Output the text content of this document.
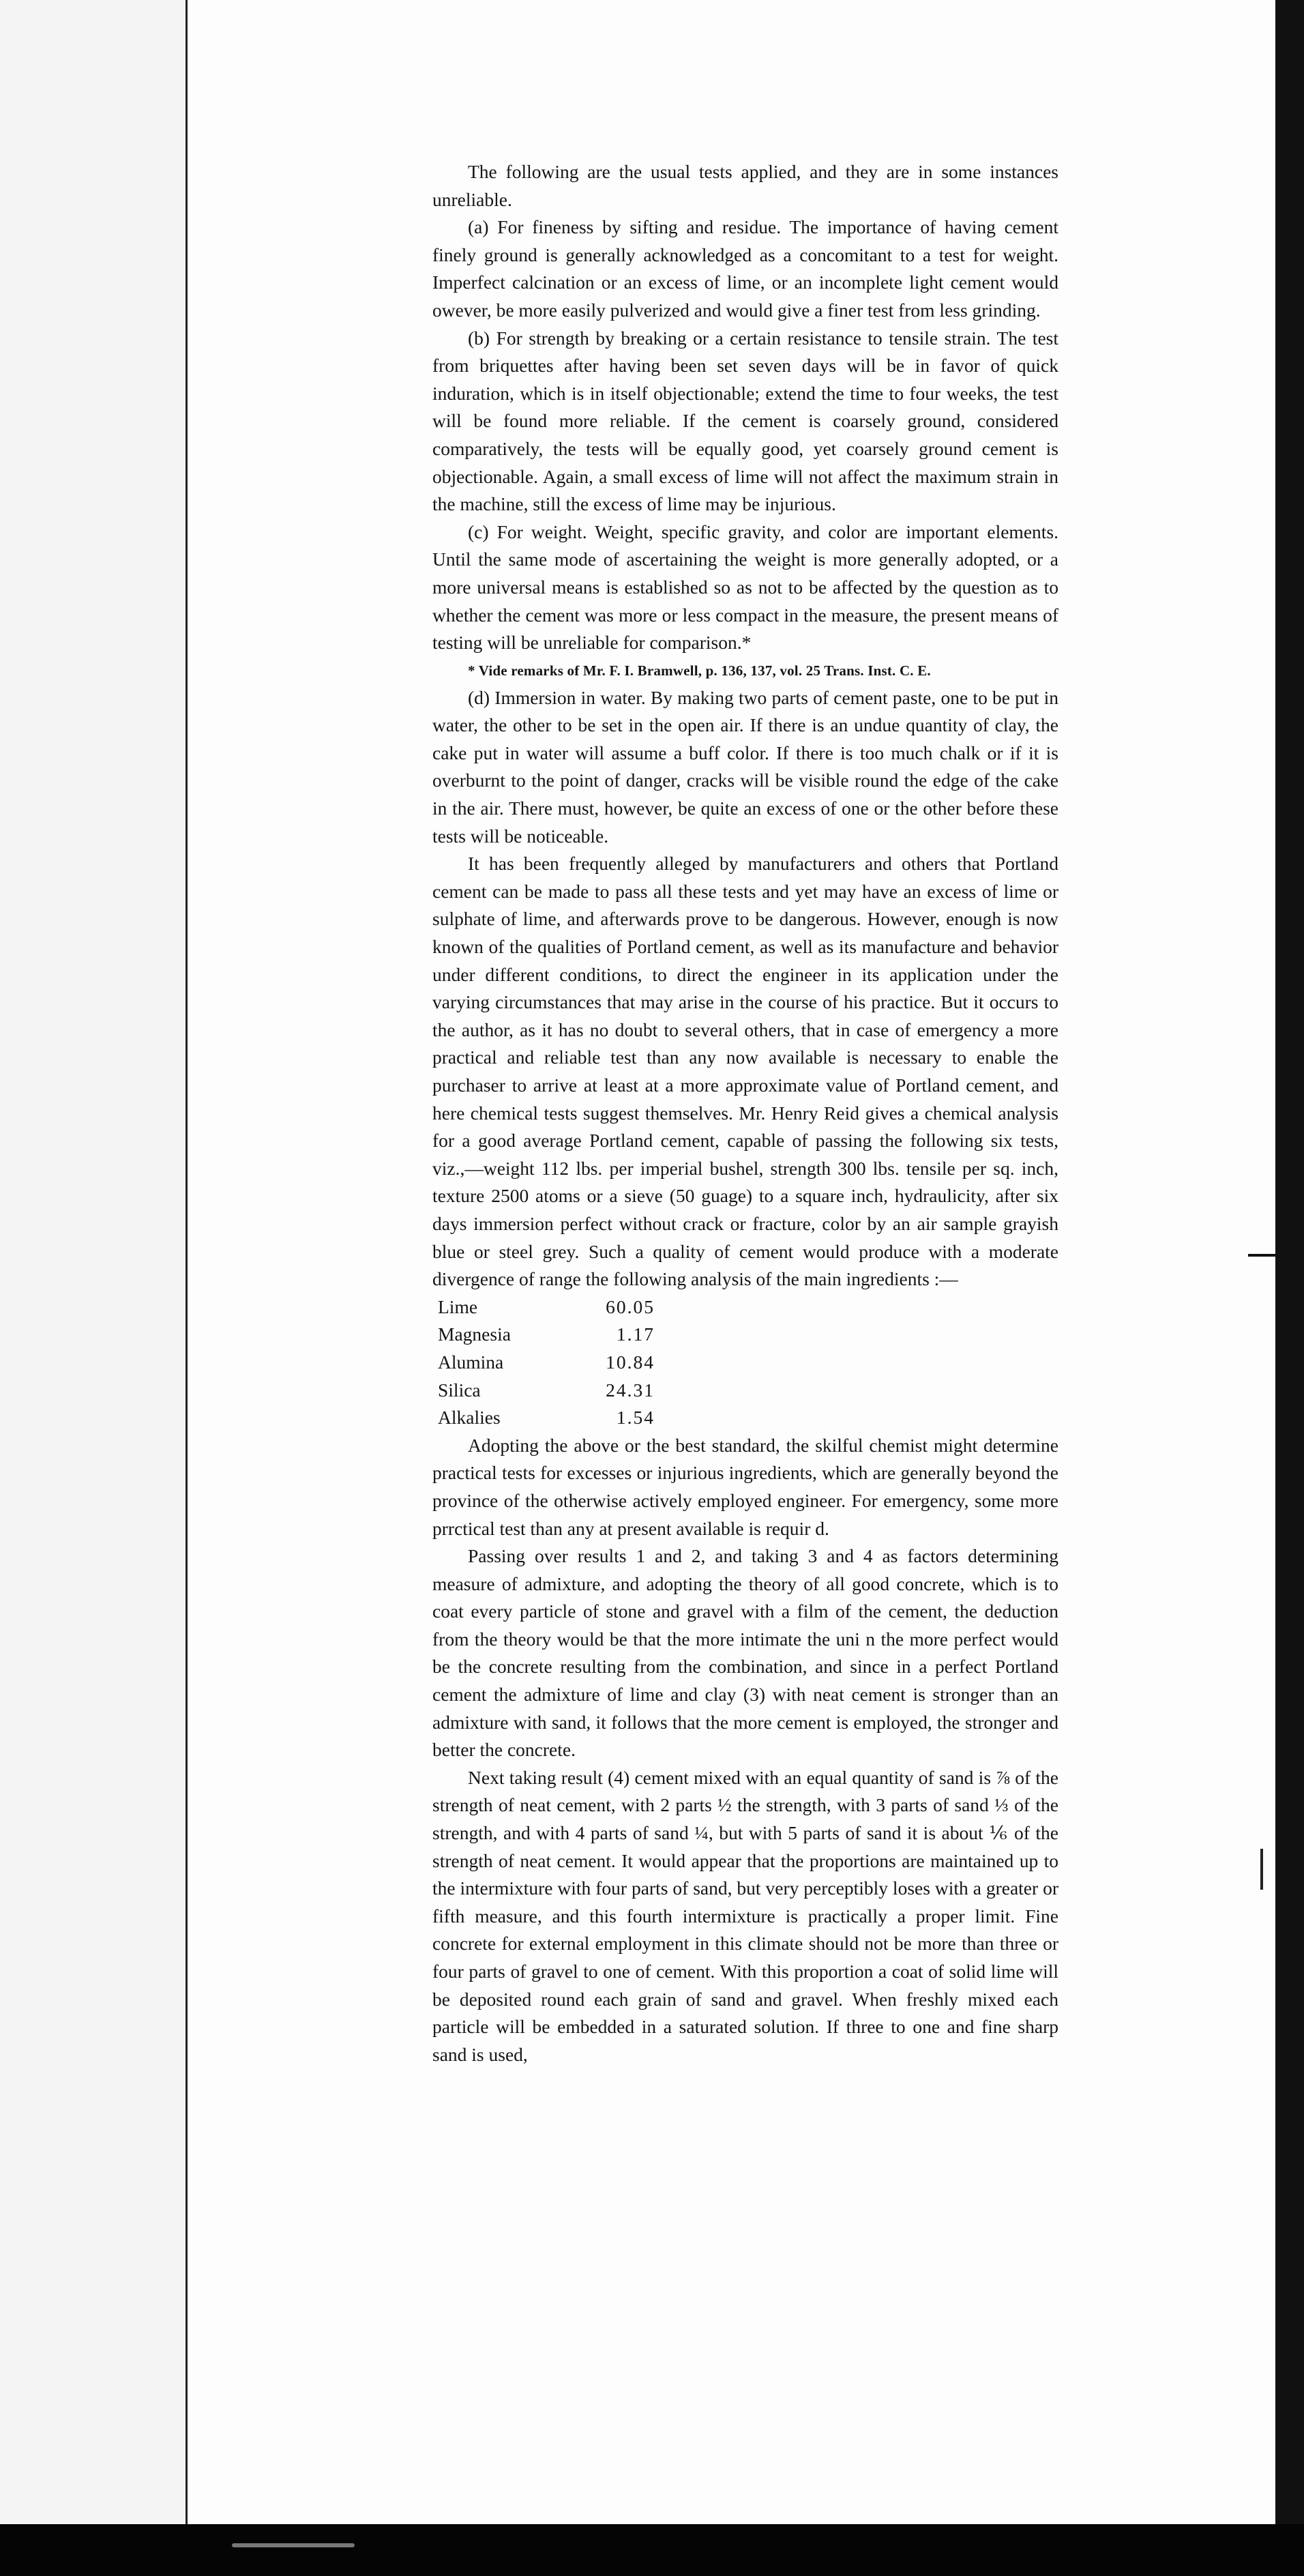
The following are the usual tests applied, and they are in some instances unreliable.

(a) For fineness by sifting and residue. The importance of having cement finely ground is generally acknowledged as a concomitant to a test for weight. Imperfect calcination or an excess of lime, or an incomplete light cement would owever, be more easily pulverized and would give a finer test from less grinding.

(b) For strength by breaking or a certain resistance to tensile strain. The test from briquettes after having been set seven days will be in favor of quick induration, which is in itself objectionable; extend the time to four weeks, the test will be found more reliable. If the cement is coarsely ground, considered comparatively, the tests will be equally good, yet coarsely ground cement is objectionable. Again, a small excess of lime will not affect the maximum strain in the machine, still the excess of lime may be injurious.

(c) For weight. Weight, specific gravity, and color are important elements. Until the same mode of ascertaining the weight is more generally adopted, or a more universal means is established so as not to be affected by the question as to whether the cement was more or less compact in the measure, the present means of testing will be unreliable for comparison.*

* Vide remarks of Mr. F. I. Bramwell, p. 136, 137, vol. 25 Trans. Inst. C. E.

(d) Immersion in water. By making two parts of cement paste, one to be put in water, the other to be set in the open air. If there is an undue quantity of clay, the cake put in water will assume a buff color. If there is too much chalk or if it is overburnt to the point of danger, cracks will be visible round the edge of the cake in the air. There must, however, be quite an excess of one or the other before these tests will be noticeable.

It has been frequently alleged by manufacturers and others that Portland cement can be made to pass all these tests and yet may have an excess of lime or sulphate of lime, and afterwards prove to be dangerous. However, enough is now known of the qualities of Portland cement, as well as its manufacture and behavior under different conditions, to direct the engineer in its application under the varying circumstances that may arise in the course of his practice. But it occurs to the author, as it has no doubt to several others, that in case of emergency a more practical and reliable test than any now available is necessary to enable the purchaser to arrive at least at a more approximate value of Portland cement, and here chemical tests suggest themselves. Mr. Henry Reid gives a chemical analysis for a good average Portland cement, capable of passing the following six tests, viz.,—weight 112 lbs. per imperial bushel, strength 300 lbs. tensile per sq. inch, texture 2500 atoms or a sieve (50 guage) to a square inch, hydraulicity, after six days immersion perfect without crack or fracture, color by an air sample grayish blue or steel grey. Such a quality of cement would produce with a moderate divergence of range the following analysis of the main ingredients :—

Lime	60.05
Magnesia	1.17
Alumina	10.84
Silica	24.31
Alkalies	1.54

Adopting the above or the best standard, the skilful chemist might determine practical tests for excesses or injurious ingredients, which are generally beyond the province of the otherwise actively employed engineer. For emergency, some more prrctical test than any at present available is requir d.

Passing over results 1 and 2, and taking 3 and 4 as factors determining measure of admixture, and adopting the theory of all good concrete, which is to coat every particle of stone and gravel with a film of the cement, the deduction from the theory would be that the more intimate the uni n the more perfect would be the concrete resulting from the combination, and since in a perfect Portland cement the admixture of lime and clay (3) with neat cement is stronger than an admixture with sand, it follows that the more cement is employed, the stronger and better the concrete.

Next taking result (4) cement mixed with an equal quantity of sand is ⅞ of the strength of neat cement, with 2 parts ½ the strength, with 3 parts of sand ⅓ of the strength, and with 4 parts of sand ¼, but with 5 parts of sand it is about ⅙ of the strength of neat cement. It would appear that the proportions are maintained up to the intermixture with four parts of sand, but very perceptibly loses with a greater or fifth measure, and this fourth intermixture is practically a proper limit. Fine concrete for external employment in this climate should not be more than three or four parts of gravel to one of cement. With this proportion a coat of solid lime will be deposited round each grain of sand and gravel. When freshly mixed each particle will be embedded in a saturated solution. If three to one and fine sharp sand is used,
